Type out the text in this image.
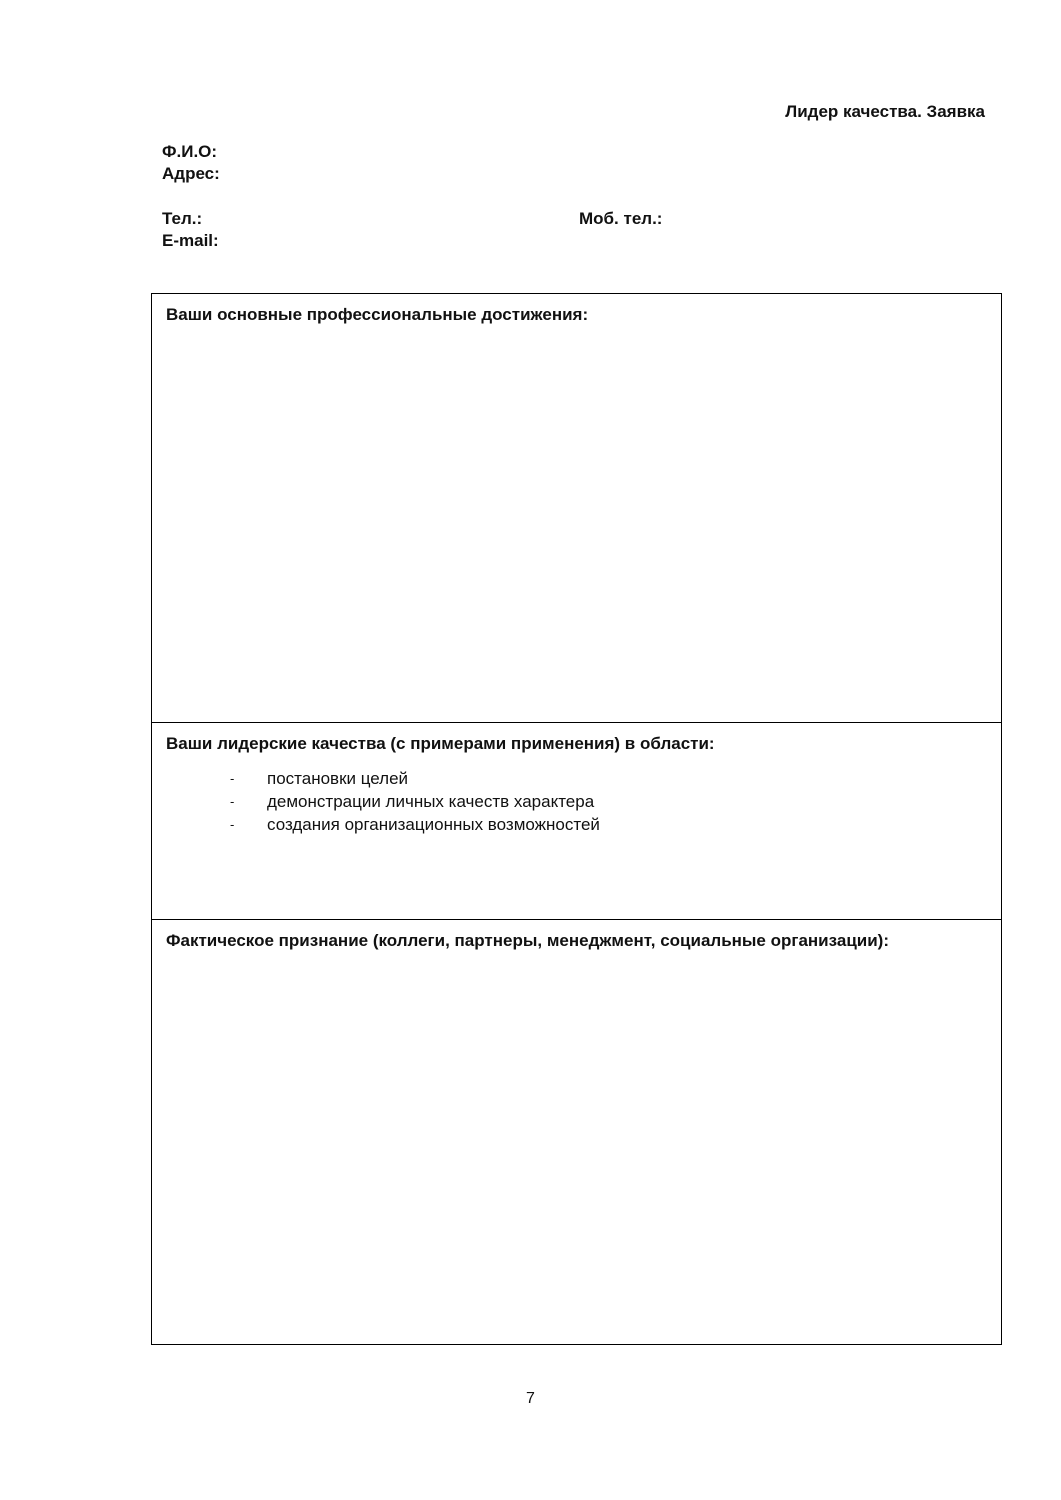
Лидер качества. Заявка
Ф.И.О:
Адрес:
Тел.:	Моб. тел.:
E-mail:
Ваши основные профессиональные достижения:
Ваши лидерские качества (с примерами применения) в области:
- постановки целей
- демонстрации личных качеств характера
- создания организационных возможностей
Фактическое признание (коллеги, партнеры, менеджмент, социальные организации):
7
